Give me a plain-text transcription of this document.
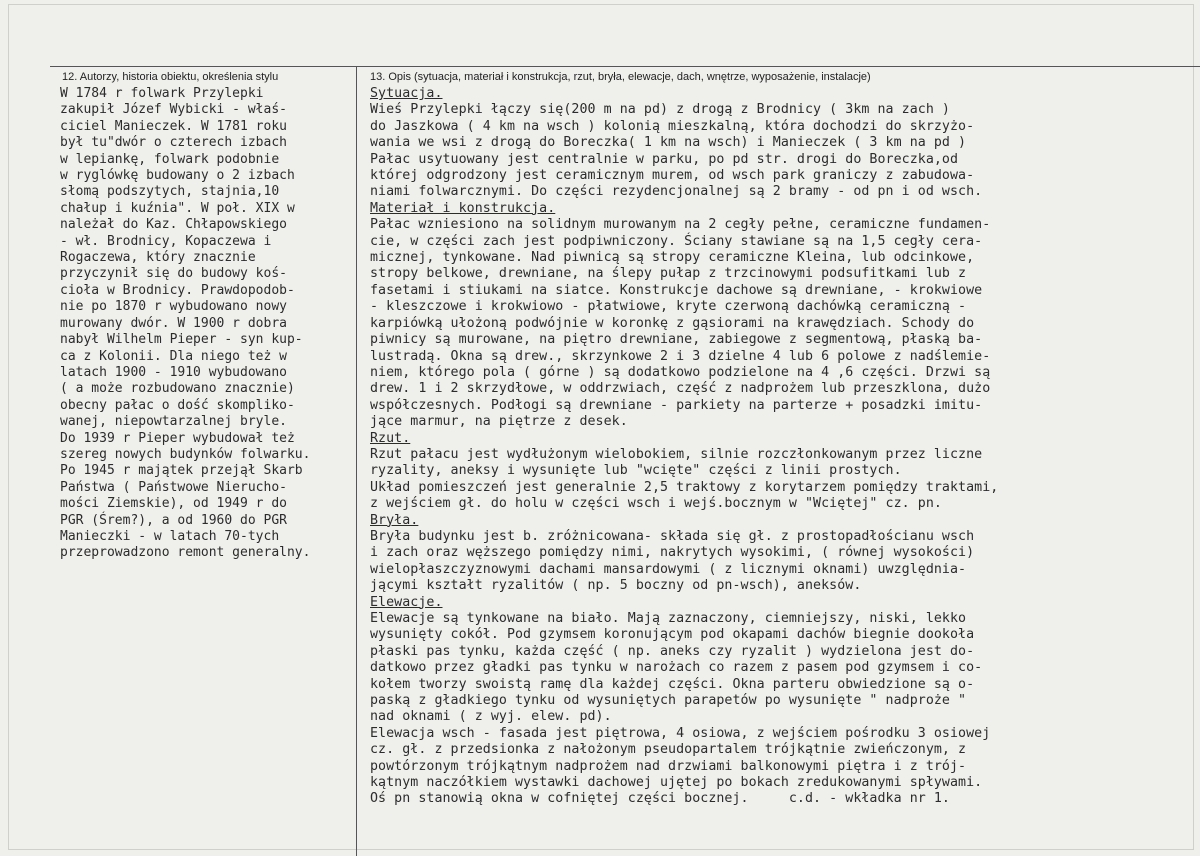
12. Autorzy, historia obiektu, określenia stylu	13. Opis (sytuacja, materiał i konstrukcja, rzut, bryła, elewacje, dach, wnętrze, wyposażenie, instalacje)

W 1784 r folwark Przylepki

zakupił Józef Wybicki - właś-

ciciel Manieczek. W 1781 roku

był tu"dwór o czterech izbach

w lepiankę, folwark podobnie

w ryglówkę budowany o 2 izbach

słomą podszytych, stajnia,10

chałup i kuźnia". W poł. XIX w

należał do Kaz. Chłapowskiego

- wł. Brodnicy, Kopaczewa i

Rogaczewa, który znacznie

przyczynił się do budowy koś-

cioła w Brodnicy. Prawdopodob-

nie po 1870 r wybudowano nowy

murowany dwór. W 1900 r dobra

nabył Wilhelm Pieper - syn kup-

ca z Kolonii. Dla niego też w

latach 1900 - 1910 wybudowano

( a może rozbudowano znacznie)

obecny pałac o dość skompliko-

wanej, niepowtarzalnej bryle.

Do 1939 r Pieper wybudował też

szereg nowych budynków folwarku.

Po 1945 r majątek przejął Skarb

Państwa ( Państwowe Nierucho-

mości Ziemskie), od 1949 r do

PGR (Śrem?), a od 1960 do PGR

Manieczki - w latach 70-tych

przeprowadzono remont generalny.

Sytuacja.

Wieś Przylepki łączy się(200 m na pd) z drogą z Brodnicy ( 3km na zach )

do Jaszkowa ( 4 km na wsch ) kolonią mieszkalną, która dochodzi do skrzyżo-

wania we wsi z drogą do Boreczka( 1 km na wsch) i Manieczek ( 3 km na pd )

Pałac usytuowany jest centralnie w parku, po pd str. drogi do Boreczka,od

której odgrodzony jest ceramicznym murem, od wsch park graniczy z zabudowa-

niami folwarcznymi. Do części rezydencjonalnej są 2 bramy - od pn i od wsch.

Materiał i konstrukcja.

Pałac wzniesiono na solidnym murowanym na 2 cegły pełne, ceramiczne fundamen-

cie, w części zach jest podpiwniczony. Ściany stawiane są na 1,5 cegły cera-

micznej, tynkowane. Nad piwnicą są stropy ceramiczne Kleina, lub odcinkowe,

stropy belkowe, drewniane, na ślepy pułap z trzcinowymi podsufitkami lub z

fasetami i stiukami na siatce. Konstrukcje dachowe są drewniane, - krokwiowe

- kleszczowe i krokwiowo - płatwiowe, kryte czerwoną dachówką ceramiczną -

karpiówką ułożoną podwójnie w koronkę z gąsiorami na krawędziach. Schody do

piwnicy są murowane, na piętro drewniane, zabiegowe z segmentową, płaską ba-

lustradą. Okna są drew., skrzynkowe 2 i 3 dzielne 4 lub 6 polowe z nadślemie-

niem, którego pola ( górne ) są dodatkowo podzielone na 4 ,6 części. Drzwi są

drew. 1 i 2 skrzydłowe, w oddrzwiach, część z nadprożem lub przeszklona, dużo

współczesnych. Podłogi są drewniane - parkiety na parterze + posadzki imitu-

jące marmur, na piętrze z desek.

Rzut.

Rzut pałacu jest wydłużonym wielobokiem, silnie rozczłonkowanym przez liczne

ryzality, aneksy i wysunięte lub "wcięte" części z linii prostych.

Układ pomieszczeń jest generalnie 2,5 traktowy z korytarzem pomiędzy traktami,

z wejściem gł. do holu w części wsch i wejś.bocznym w "Wciętej" cz. pn.

Bryła.

Bryła budynku jest b. zróżnicowana- składa się gł. z prostopadłościanu wsch

i zach oraz węższego pomiędzy nimi, nakrytych wysokimi, ( równej wysokości)

wielopłaszczyznowymi dachami mansardowymi ( z licznymi oknami) uwzględnia-

jącymi kształt ryzalitów ( np. 5 boczny od pn-wsch), aneksów.

Elewacje.

Elewacje są tynkowane na biało. Mają zaznaczony, ciemniejszy, niski, lekko

wysunięty cokół. Pod gzymsem koronującym pod okapami dachów biegnie dookoła

płaski pas tynku, każda część ( np. aneks czy ryzalit ) wydzielona jest do-

datkowo przez gładki pas tynku w narożach co razem z pasem pod gzymsem i co-

kołem tworzy swoistą ramę dla każdej części. Okna parteru obwiedzione są o-

paską z gładkiego tynku od wysuniętych parapetów po wysunięte " nadproże "

nad oknami ( z wyj. elew. pd).

Elewacja wsch - fasada jest piętrowa, 4 osiowa, z wejściem pośrodku 3 osiowej

cz. gł. z przedsionka z nałożonym pseudopartalem trójkątnie zwieńczonym, z

powtórzonym trójkątnym nadprożem nad drzwiami balkonowymi piętra i z trój-

kątnym naczółkiem wystawki dachowej ujętej po bokach zredukowanymi spływami.

Oś pn stanowią okna w cofniętej części bocznej.     c.d. - wkładka nr 1.
